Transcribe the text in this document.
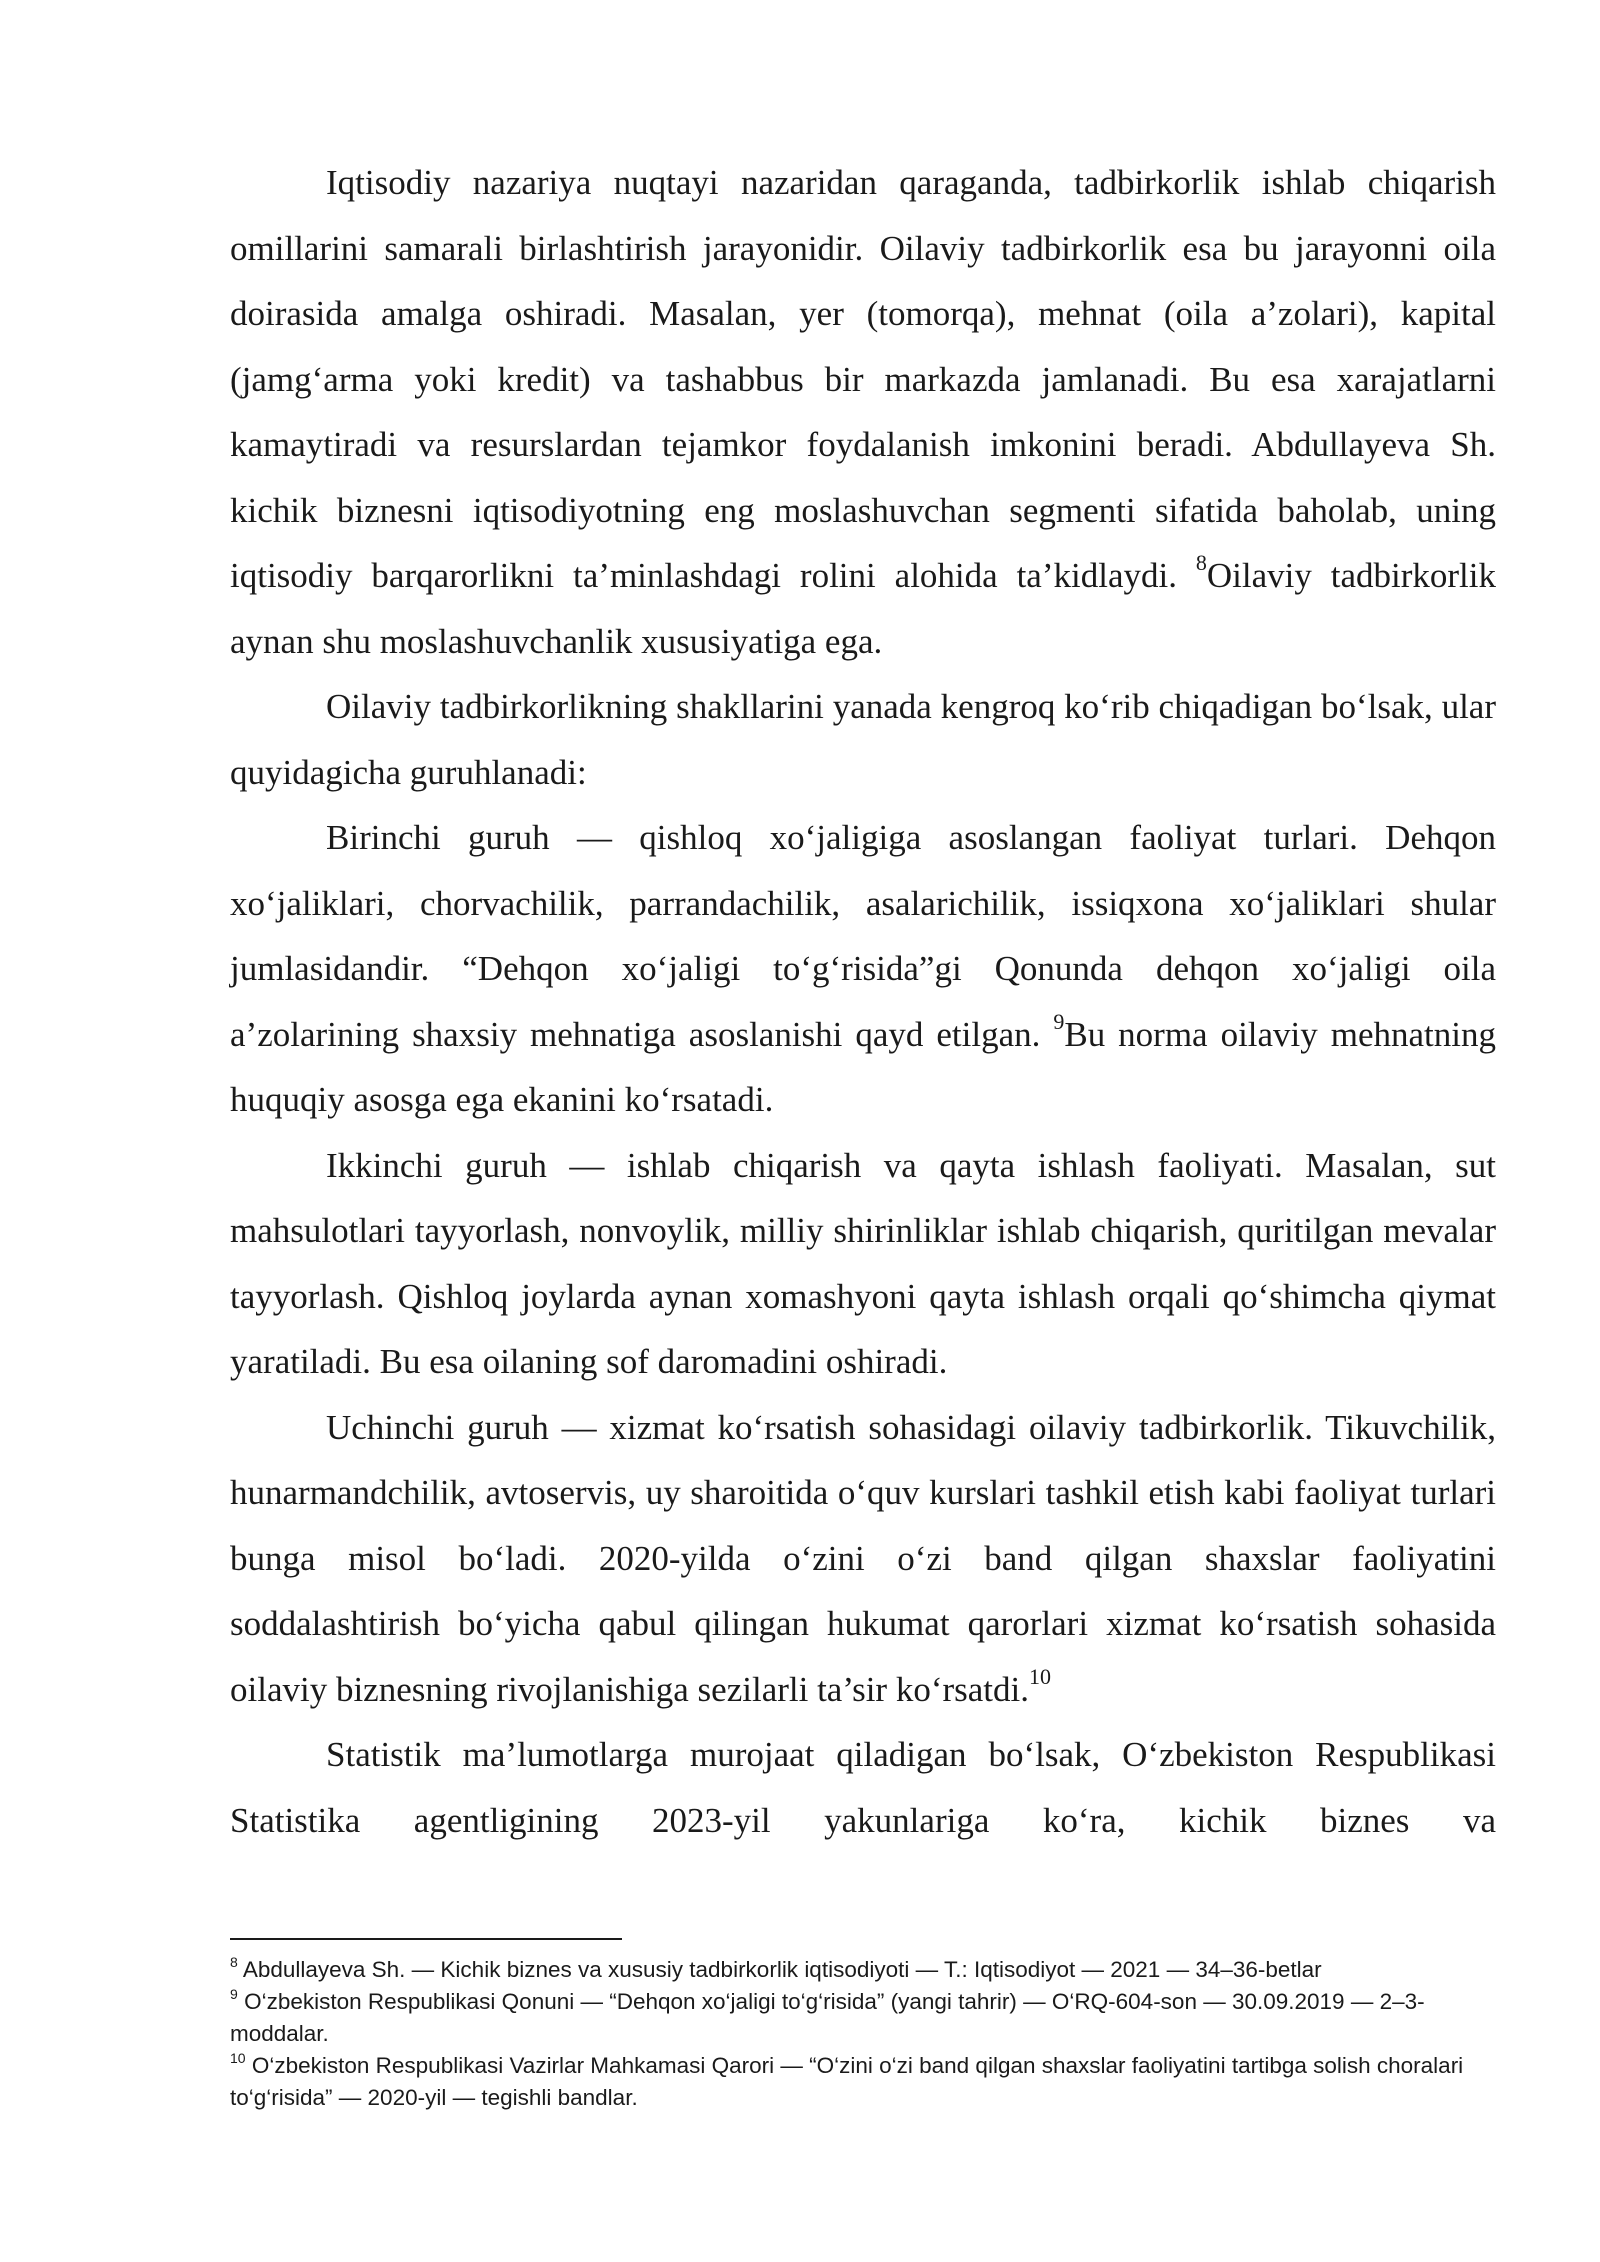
Iqtisodiy nazariya nuqtayi nazaridan qaraganda, tadbirkorlik ishlab chiqarish omillarini samarali birlashtirish jarayonidir. Oilaviy tadbirkorlik esa bu jarayonni oila doirasida amalga oshiradi. Masalan, yer (tomorqa), mehnat (oila a’zolari), kapital (jamg‘arma yoki kredit) va tashabbus bir markazda jamlanadi. Bu esa xarajatlarni kamaytiradi va resurslardan tejamkor foydalanish imkonini beradi. Abdullayeva Sh. kichik biznesni iqtisodiyotning eng moslashuvchan segmenti sifatida baholab, uning iqtisodiy barqarorlikni ta’minlashdagi rolini alohida ta’kidlaydi. $^8$Oilaviy tadbirkorlik aynan shu moslashuvchanlik xususiyatiga ega.

Oilaviy tadbirkorlikning shakllarini yanada kengroq ko‘rib chiqadigan bo‘lsak, ular quyidagicha guruhlanadi:

Birinchi guruh — qishloq xo‘jaligiga asoslangan faoliyat turlari. Dehqon xo‘jaliklari, chorvachilik, parrandachilik, asalarichilik, issiqxona xo‘jaliklari shular jumlasidandir. “Dehqon xo‘jaligi to‘g‘risida”gi Qonunda dehqon xo‘jaligi oila a’zolarining shaxsiy mehnatiga asoslanishi qayd etilgan. $^9$Bu norma oilaviy mehnatning huquqiy asosga ega ekanini ko‘rsatadi.

Ikkinchi guruh — ishlab chiqarish va qayta ishlash faoliyati. Masalan, sut mahsulotlari tayyorlash, nonvoylik, milliy shirinliklar ishlab chiqarish, quritilgan mevalar tayyorlash. Qishloq joylarda aynan xomashyoni qayta ishlash orqali qo‘shimcha qiymat yaratiladi. Bu esa oilaning sof daromadini oshiradi.

Uchinchi guruh — xizmat ko‘rsatish sohasidagi oilaviy tadbirkorlik. Tikuvchilik, hunarmandchilik, avtoservis, uy sharoitida o‘quv kurslari tashkil etish kabi faoliyat turlari bunga misol bo‘ladi. 2020-yilda o‘zini o‘zi band qilgan shaxslar faoliyatini soddalashtirish bo‘yicha qabul qilingan hukumat qarorlari xizmat ko‘rsatish sohasida oilaviy biznesning rivojlanishiga sezilarli ta’sir ko‘rsatdi.$^{10}$

Statistik ma’lumotlarga murojaat qiladigan bo‘lsak, O‘zbekiston Respublikasi Statistika agentligining 2023-yil yakunlariga ko‘ra, kichik biznes va

$^8$ Abdullayeva Sh. — Kichik biznes va xususiy tadbirkorlik iqtisodiyoti — T.: Iqtisodiyot — 2021 — 34–36-betlar

$^9$ O‘zbekiston Respublikasi Qonuni — “Dehqon xo‘jaligi to‘g‘risida” (yangi tahrir) — O‘RQ-604-son — 30.09.2019 — 2–3-moddalar.

$^{10}$ O‘zbekiston Respublikasi Vazirlar Mahkamasi Qarori — “O‘zini o‘zi band qilgan shaxslar faoliyatini tartibga solish choralari to‘g‘risida” — 2020-yil — tegishli bandlar.
